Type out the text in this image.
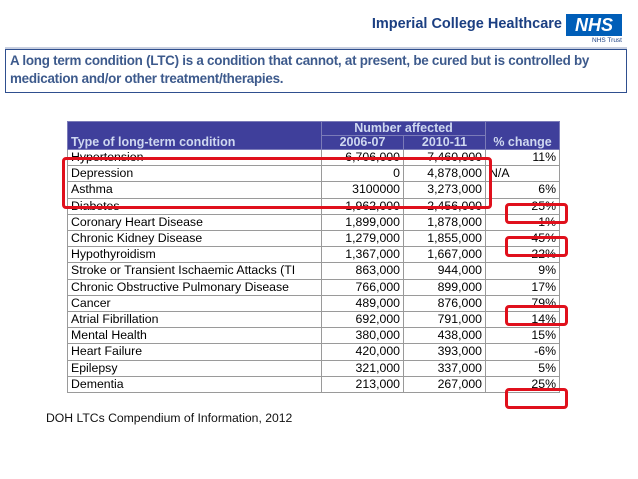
Imperial College Healthcare NHS
NHS Trust
A long term condition (LTC) is a condition that cannot, at present, be cured but is controlled by medication and/or other treatment/therapies.
Type of long-term condition	Number affected		% change
	2006-07	2010-11	
Hypertension	6,706,000	7,460,000	11%
Depression	0	4,878,000	N/A
Asthma	3100000	3,273,000	6%
Diabetes	1,962,000	2,456,000	25%
Coronary Heart Disease	1,899,000	1,878,000	-1%
Chronic Kidney Disease	1,279,000	1,855,000	45%
Hypothyroidism	1,367,000	1,667,000	22%
Stroke or Transient Ischaemic Attacks (TI	863,000	944,000	9%
Chronic Obstructive Pulmonary Disease	766,000	899,000	17%
Cancer	489,000	876,000	79%
Atrial Fibrillation	692,000	791,000	14%
Mental Health	380,000	438,000	15%
Heart Failure	420,000	393,000	-6%
Epilepsy	321,000	337,000	5%
Dementia	213,000	267,000	25%
DOH LTCs Compendium of Information, 2012
